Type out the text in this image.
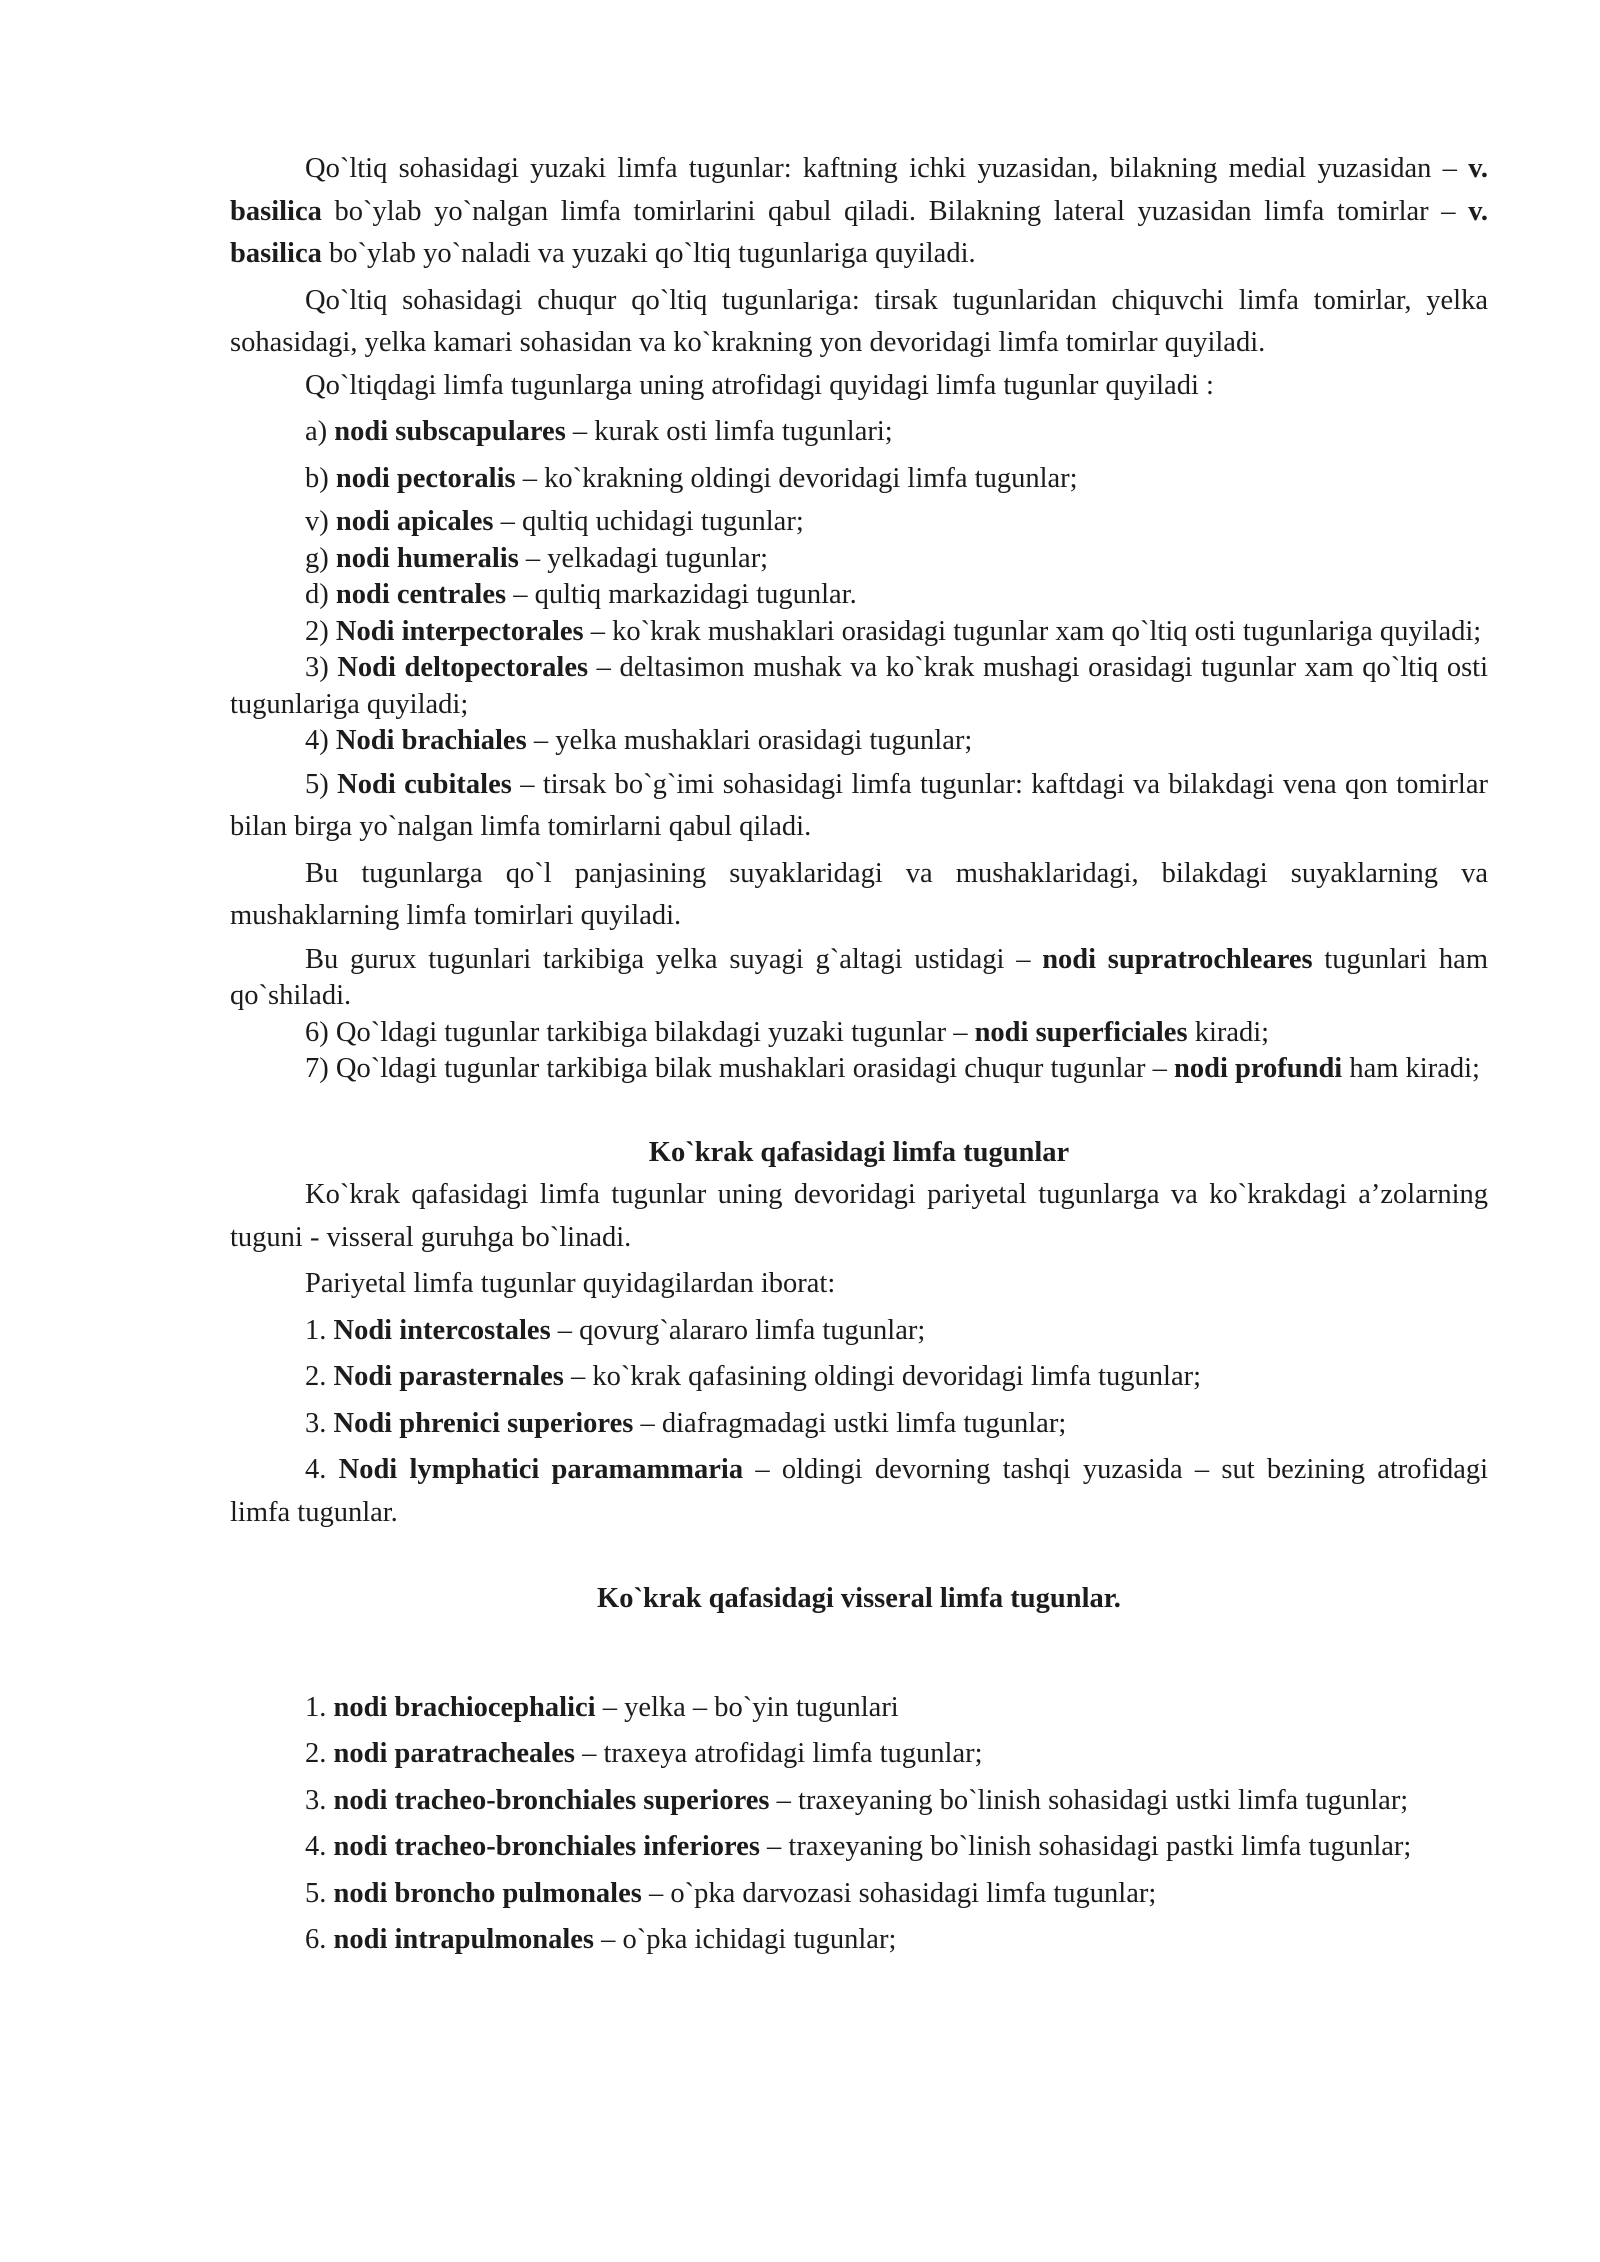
Qo`ltiq sohasidagi yuzaki limfa tugunlar: kaftning ichki yuzasidan, bilakning medial yuzasidan – v. basilica bo`ylab yo`nalgan limfa tomirlarini qabul qiladi. Bilakning lateral yuzasidan limfa tomirlar – v. basilica bo`ylab yo`naladi va yuzaki qo`ltiq tugunlariga quyiladi.

Qo`ltiq sohasidagi chuqur qo`ltiq tugunlariga: tirsak tugunlaridan chiquvchi limfa tomirlar, yelka sohasidagi, yelka kamari sohasidan va ko`krakning yon devoridagi limfa tomirlar quyiladi.

Qo`ltiqdagi limfa tugunlarga uning atrofidagi quyidagi limfa tugunlar quyiladi :

a) nodi subscapulares – kurak osti limfa tugunlari;

b) nodi pectoralis – ko`krakning oldingi devoridagi limfa tugunlar;

v) nodi apicales – qultiq uchidagi tugunlar;

g) nodi humeralis – yelkadagi tugunlar;

d) nodi centrales – qultiq markazidagi tugunlar.

2) Nodi interpectorales – ko`krak mushaklari orasidagi tugunlar xam qo`ltiq osti tugunlariga quyiladi;

3) Nodi deltopectorales – deltasimon mushak va ko`krak mushagi orasidagi tugunlar xam qo`ltiq osti tugunlariga quyiladi;

4) Nodi brachiales – yelka mushaklari orasidagi tugunlar;

5) Nodi cubitales – tirsak bo`g`imi sohasidagi limfa tugunlar: kaftdagi va bilakdagi vena qon tomirlar bilan birga yo`nalgan limfa tomirlarni qabul qiladi.

Bu tugunlarga qo`l panjasining suyaklaridagi va mushaklaridagi, bilakdagi suyaklarning va mushaklarning limfa tomirlari quyiladi.

Bu gurux tugunlari tarkibiga yelka suyagi g`altagi ustidagi – nodi supratrochleares tugunlari ham qo`shiladi.

6) Qo`ldagi tugunlar tarkibiga bilakdagi yuzaki tugunlar – nodi superficiales kiradi;

7) Qo`ldagi tugunlar tarkibiga bilak mushaklari orasidagi chuqur tugunlar – nodi profundi ham kiradi;

Ko`krak qafasidagi limfa tugunlar

Ko`krak qafasidagi limfa tugunlar uning devoridagi pariyetal tugunlarga va ko`krakdagi a’zolarning tuguni - visseral guruhga bo`linadi.

Pariyetal limfa tugunlar quyidagilardan iborat:

1. Nodi intercostales – qovurg`alararo limfa tugunlar;

2. Nodi parasternales – ko`krak qafasining oldingi devoridagi limfa tugunlar;

3. Nodi phrenici superiores – diafragmadagi ustki limfa tugunlar;

4. Nodi lymphatici paramammaria – oldingi devorning tashqi yuzasida – sut bezining atrofidagi limfa tugunlar.

Ko`krak qafasidagi visseral limfa tugunlar.

1. nodi brachiocephalici – yelka – bo`yin tugunlari

2. nodi paratracheales – traxeya atrofidagi limfa tugunlar;

3. nodi tracheo-bronchiales superiores – traxeyaning bo`linish sohasidagi ustki limfa tugunlar;

4. nodi tracheo-bronchiales inferiores – traxeyaning bo`linish sohasidagi pastki limfa tugunlar;

5. nodi broncho pulmonales – o`pka darvozasi sohasidagi limfa tugunlar;

6. nodi intrapulmonales – o`pka ichidagi tugunlar;
